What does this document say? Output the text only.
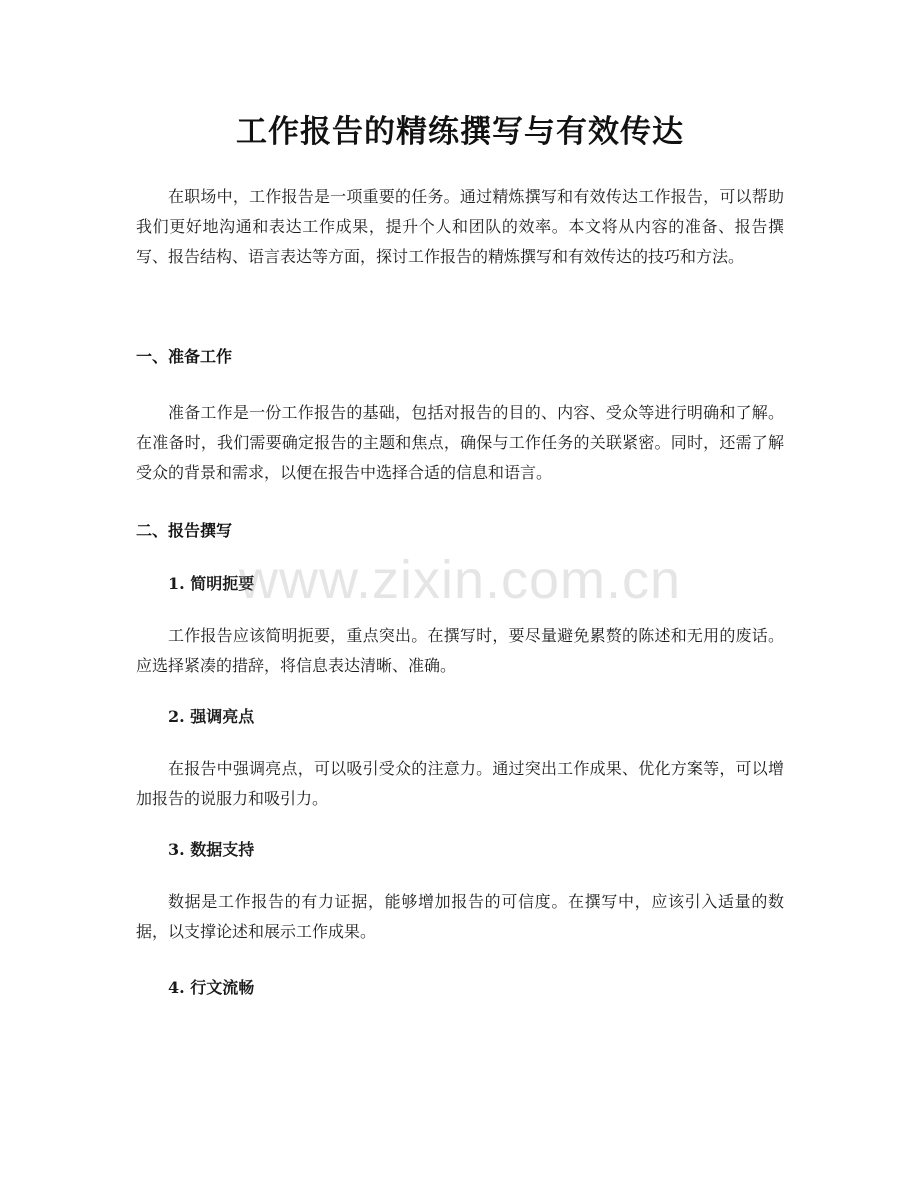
工作报告的精练撰写与有效传达

在职场中，工作报告是一项重要的任务。通过精炼撰写和有效传达工作报告，可以帮助我们更好地沟通和表达工作成果，提升个人和团队的效率。本文将从内容的准备、报告撰写、报告结构、语言表达等方面，探讨工作报告的精炼撰写和有效传达的技巧和方法。

一、准备工作

准备工作是一份工作报告的基础，包括对报告的目的、内容、受众等进行明确和了解。在准备时，我们需要确定报告的主题和焦点，确保与工作任务的关联紧密。同时，还需了解受众的背景和需求，以便在报告中选择合适的信息和语言。

二、报告撰写
1. 简明扼要

工作报告应该简明扼要，重点突出。在撰写时，要尽量避免累赘的陈述和无用的废话。应选择紧凑的措辞，将信息表达清晰、准确。

2. 强调亮点

在报告中强调亮点，可以吸引受众的注意力。通过突出工作成果、优化方案等，可以增加报告的说服力和吸引力。

3. 数据支持

数据是工作报告的有力证据，能够增加报告的可信度。在撰写中，应该引入适量的数据，以支撑论述和展示工作成果。

4. 行文流畅
www.zixin.com.cn
